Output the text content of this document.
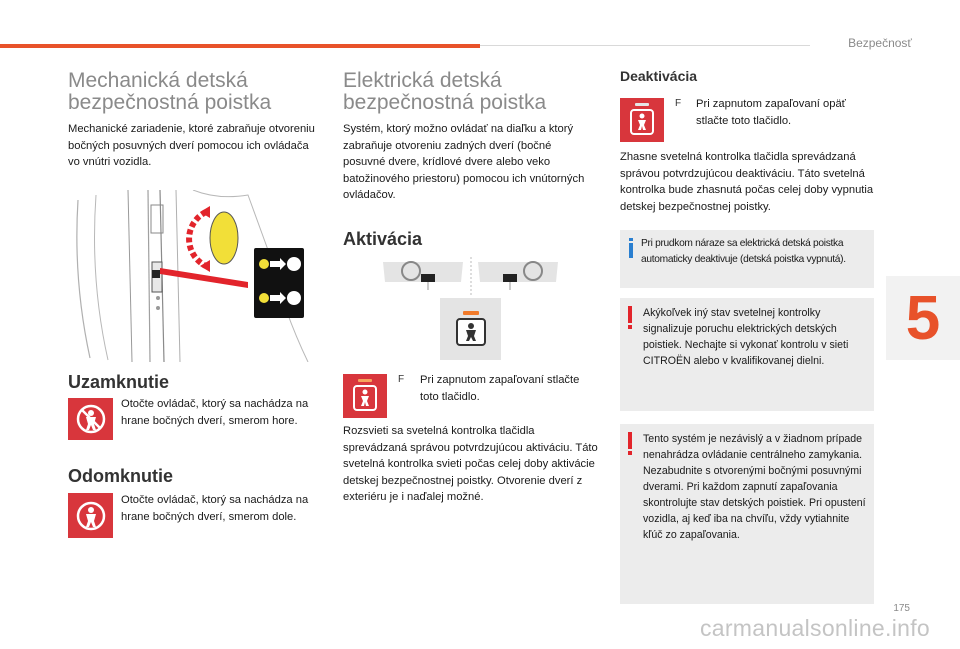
Bezpečnosť
5
175
carmanualsonline.info
Mechanická detská bezpečnostná poistka
Mechanické zariadenie, ktoré zabraňuje otvoreniu bočných posuvných dverí pomocou ich ovládača vo vnútri vozidla.
Uzamknutie
Otočte ovládač, ktorý sa nachádza na hrane bočných dverí, smerom hore.
Odomknutie
Otočte ovládač, ktorý sa nachádza na hrane bočných dverí, smerom dole.
Elektrická detská bezpečnostná poistka
Systém, ktorý možno ovládať na diaľku a ktorý zabraňuje otvoreniu zadných dverí (bočné posuvné dvere, krídlové dvere alebo veko batožinového priestoru) pomocou ich vnútorných ovládačov.
Aktivácia
F Pri zapnutom zapaľovaní stlačte toto tlačidlo.
Rozsvieti sa svetelná kontrolka tlačidla sprevádzaná správou potvrdzujúcou aktiváciu. Táto svetelná kontrolka svieti počas celej doby aktivácie detskej bezpečnostnej poistky. Otvorenie dverí z exteriéru je i naďalej možné.
Deaktivácia
F Pri zapnutom zapaľovaní opäť stlačte toto tlačidlo.
Zhasne svetelná kontrolka tlačidla sprevádzaná správou potvrdzujúcou deaktiváciu. Táto svetelná kontrolka bude zhasnutá počas celej doby vypnutia detskej bezpečnostnej poistky.
Pri prudkom náraze sa elektrická detská poistka automaticky deaktivuje (detská poistka vypnutá).
Akýkoľvek iný stav svetelnej kontrolky signalizuje poruchu elektrických detských poistiek. Nechajte si vykonať kontrolu v sieti CITROËN alebo v kvalifikovanej dielni.
Tento systém je nezávislý a v žiadnom prípade nenahrádza ovládanie centrálneho zamykania. Nezabudnite s otvorenými bočnými posuvnými dverami. Pri každom zapnutí zapaľovania skontrolujte stav detských poistiek. Pri opustení vozidla, aj keď iba na chvíľu, vždy vytiahnite kľúč zo zapaľovania.
